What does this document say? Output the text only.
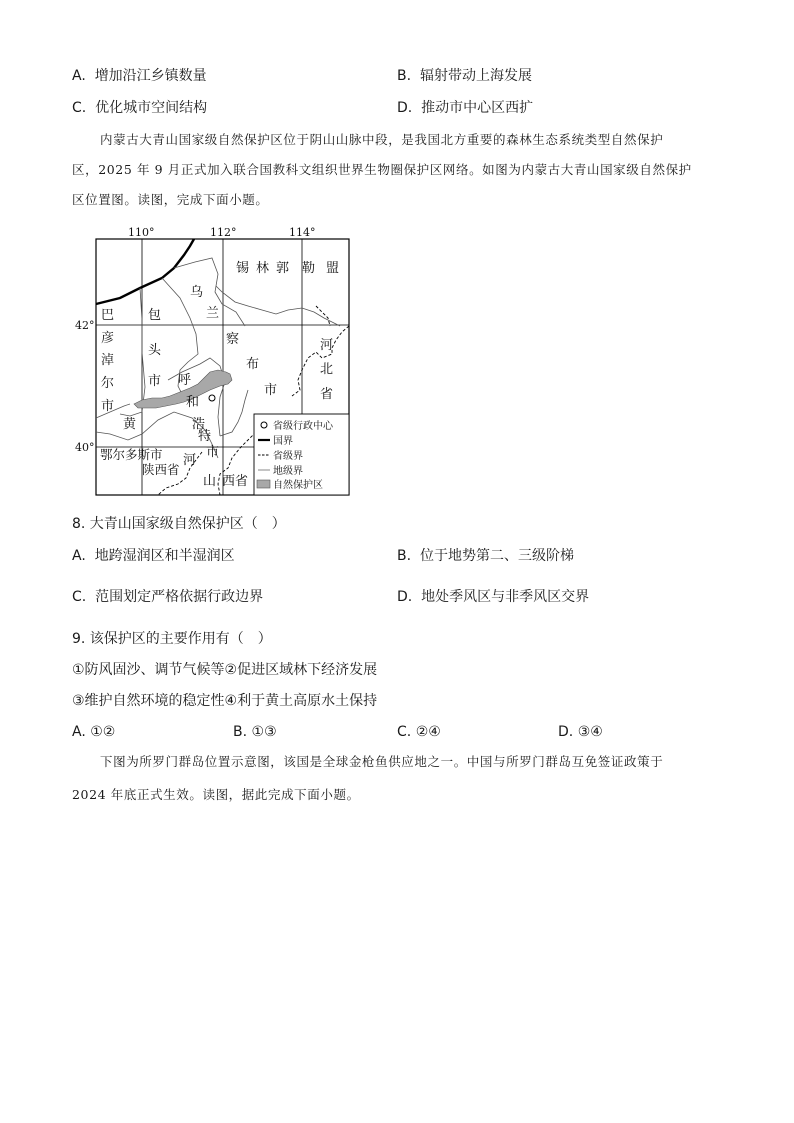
A. 增加沿江乡镇数量	B. 辐射带动上海发展
C. 优化城市空间结构	D. 推动市中心区西扩
内蒙古大青山国家级自然保护区位于阴山山脉中段，是我国北方重要的森林生态系统类型自然保护
区，2025 年 9 月正式加入联合国教科文组织世界生物圈保护区网络。如图为内蒙古大青山国家级自然保护
区位置图。读图，完成下面小题。
110°	112°	114°
42°
40°
锡 林 郭 勒 盟
乌
兰
察
布
市
巴
彦
淖
尔
市
包
头
市 呼
和
浩
特
市
河
北
省
黄
鄂尔多斯市
陕西省
河
山 西省
省级行政中心
国界
省级界
地级界
自然保护区
8. 大青山国家级自然保护区（　）
A. 地跨湿润区和半湿润区	B. 位于地势第二、三级阶梯
C. 范围划定严格依据行政边界	D. 地处季风区与非季风区交界
9. 该保护区的主要作用有（　）
①防风固沙、调节气候等②促进区域林下经济发展
③维护自然环境的稳定性④利于黄土高原水土保持
A. ①②	B. ①③	C. ②④	D. ③④
下图为所罗门群岛位置示意图，该国是全球金枪鱼供应地之一。中国与所罗门群岛互免签证政策于
2024 年底正式生效。读图，据此完成下面小题。
